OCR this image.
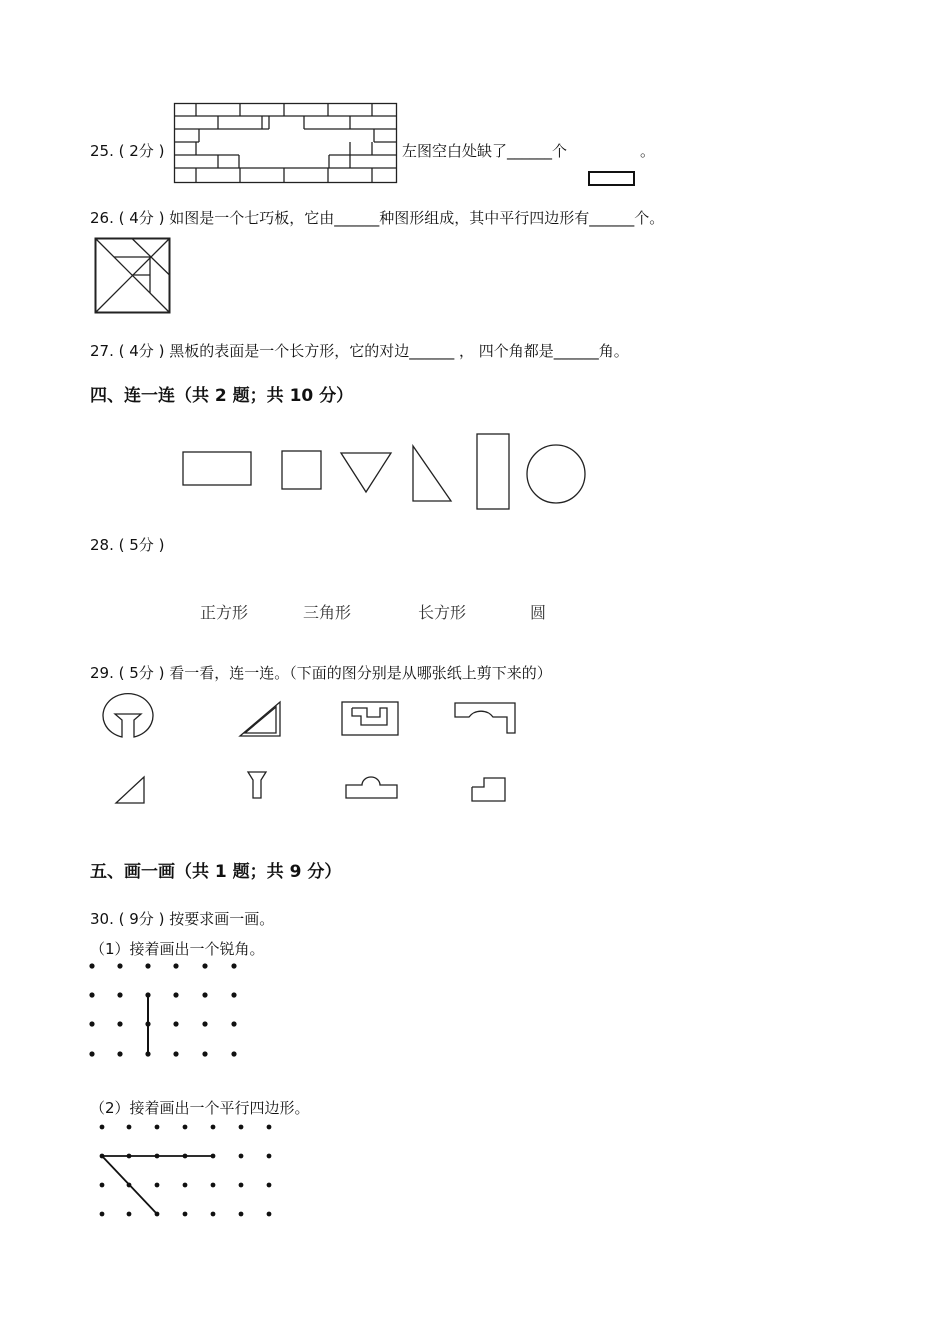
25. ( 2分 )	左图空白处缺了______个	。
26. ( 4分 ) 如图是一个七巧板，它由______种图形组成，其中平行四边形有______个。
27. ( 4分 ) 黑板的表面是一个长方形，它的对边______ ， 四个角都是______角。
四、连一连（共 2 题；共 10 分）
28. ( 5分 )
正方形	三角形	长方形	圆
29. ( 5分 ) 看一看，连一连。（下面的图分别是从哪张纸上剪下来的）
五、画一画（共 1 题；共 9 分）
30. ( 9分 ) 按要求画一画。
（1）接着画出一个锐角。
（2）接着画出一个平行四边形。
